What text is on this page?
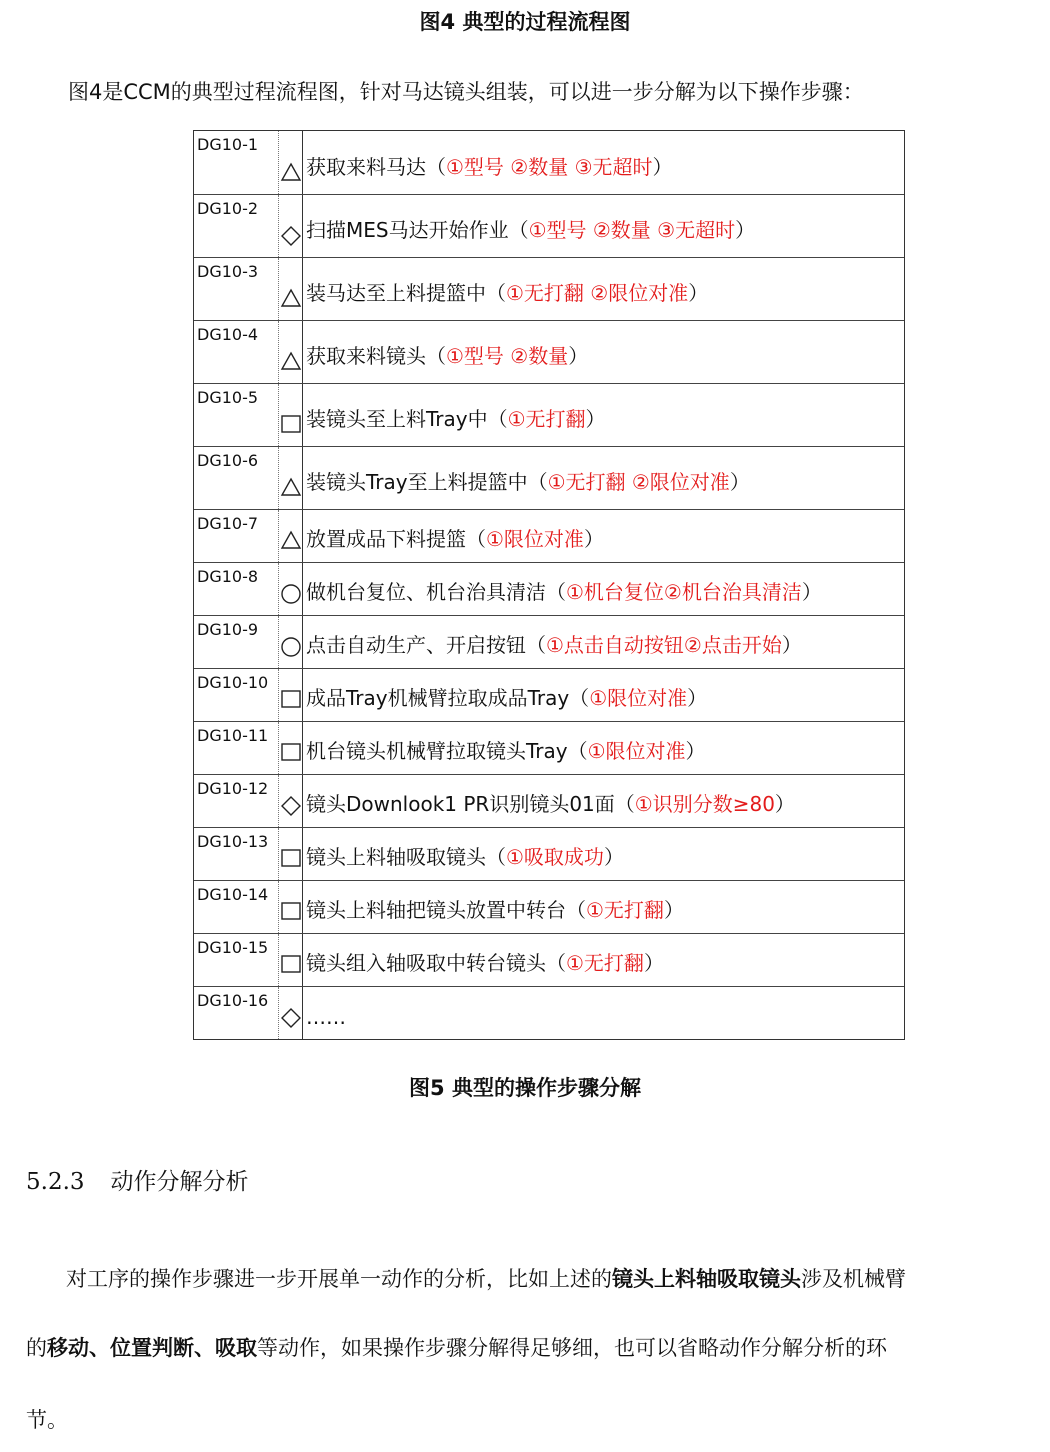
图4 典型的过程流程图
图4是CCM的典型过程流程图，针对马达镜头组装，可以进一步分解为以下操作步骤：
DG10-1
获取来料马达（①型号 ②数量 ③无超时）
DG10-2
扫描MES马达开始作业（①型号 ②数量 ③无超时）
DG10-3
装马达至上料提篮中（①无打翻 ②限位对准）
DG10-4
获取来料镜头（①型号 ②数量）
DG10-5
装镜头至上料Tray中（①无打翻）
DG10-6
装镜头Tray至上料提篮中（①无打翻 ②限位对准）
DG10-7
放置成品下料提篮（①限位对准）
DG10-8
做机台复位、机台治具清洁（①机台复位②机台治具清洁）
DG10-9
点击自动生产、开启按钮（①点击自动按钮②点击开始）
DG10-10
成品Tray机械臂拉取成品Tray（①限位对准）
DG10-11
机台镜头机械臂拉取镜头Tray（①限位对准）
DG10-12
镜头Downlook1 PR识别镜头01面（①识别分数≥80）
DG10-13
镜头上料轴吸取镜头（①吸取成功）
DG10-14
镜头上料轴把镜头放置中转台（①无打翻）
DG10-15
镜头组入轴吸取中转台镜头（①无打翻）
DG10-16
……
图5 典型的操作步骤分解
5.2.3 动作分解分析
对工序的操作步骤进一步开展单一动作的分析，比如上述的镜头上料轴吸取镜头涉及机械臂
的移动、位置判断、吸取等动作，如果操作步骤分解得足够细，也可以省略动作分解分析的环
节。
